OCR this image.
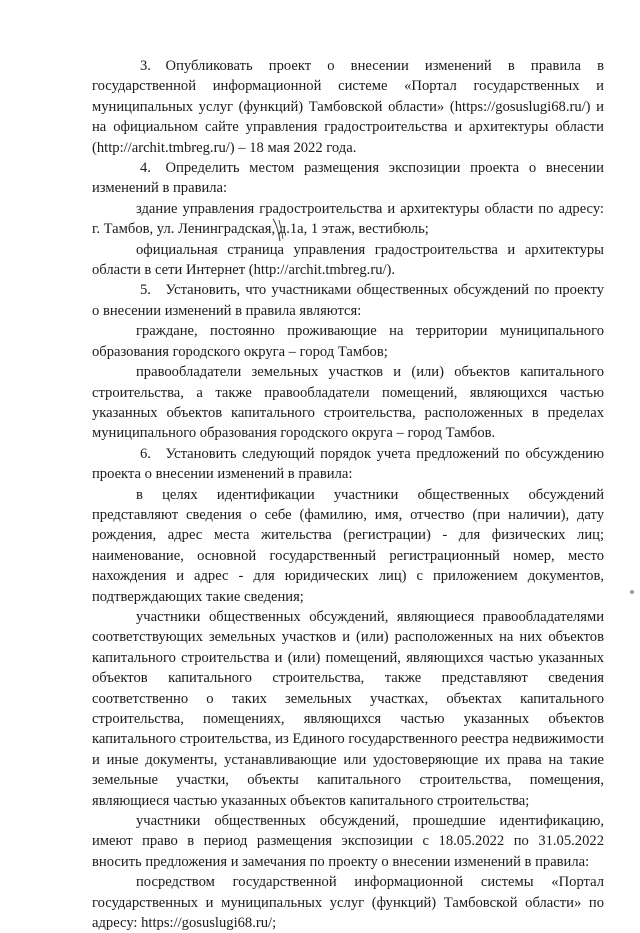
3. Опубликовать проект о внесении изменений в правила в государственной информационной системе «Портал государственных и муниципальных услуг (функций) Тамбовской области» (https://gosuslugi68.ru/) и на официальном сайте управления градостроительства и архитектуры области (http://archit.tmbreg.ru/) – 18 мая 2022 года.

4. Определить местом размещения экспозиции проекта о внесении изменений в правила:

здание управления градостроительства и архитектуры области по адресу: г. Тамбов, ул. Ленинградская, д.1а, 1 этаж, вестибюль;

официальная страница управления градостроительства и архитектуры области в сети Интернет (http://archit.tmbreg.ru/).

5. Установить, что участниками общественных обсуждений по проекту о внесении изменений в правила являются:

граждане, постоянно проживающие на территории муниципального образования городского округа – город Тамбов;

правообладатели земельных участков и (или) объектов капитального строительства, а также правообладатели помещений, являющихся частью указанных объектов капитального строительства, расположенных в пределах муниципального образования городского округа – город Тамбов.

6. Установить следующий порядок учета предложений по обсуждению проекта о внесении изменений в правила:

в целях идентификации участники общественных обсуждений представляют сведения о себе (фамилию, имя, отчество (при наличии), дату рождения, адрес места жительства (регистрации) - для физических лиц; наименование, основной государственный регистрационный номер, место нахождения и адрес - для юридических лиц) с приложением документов, подтверждающих такие сведения;

участники общественных обсуждений, являющиеся правообладателями соответствующих земельных участков и (или) расположенных на них объектов капитального строительства и (или) помещений, являющихся частью указанных объектов капитального строительства, также представляют сведения соответственно о таких земельных участках, объектах капитального строительства, помещениях, являющихся частью указанных объектов капитального строительства, из Единого государственного реестра недвижимости и иные документы, устанавливающие или удостоверяющие их права на такие земельные участки, объекты капитального строительства, помещения, являющиеся частью указанных объектов капитального строительства;

участники общественных обсуждений, прошедшие идентификацию, имеют право в период размещения экспозиции с 18.05.2022 по 31.05.2022 вносить предложения и замечания по проекту о внесении изменений в правила:

посредством государственной информационной системы «Портал государственных и муниципальных услуг (функций) Тамбовской области» по адресу: https://gosuslugi68.ru/;
